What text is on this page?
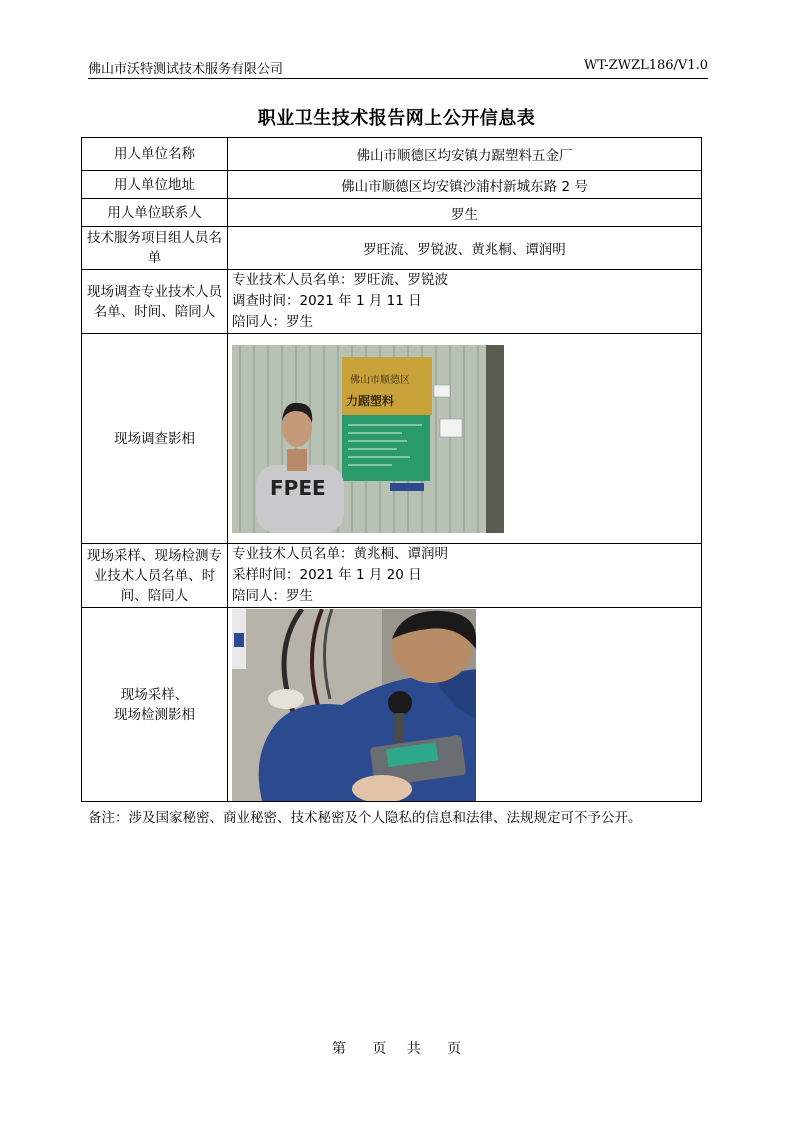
佛山市沃特测试技术服务有限公司	WT-ZWZL186/V1.0
职业卫生技术报告网上公开信息表
用人单位名称	佛山市顺德区均安镇力踞塑料五金厂
用人单位地址	佛山市顺德区均安镇沙浦村新城东路 2 号
用人单位联系人	罗生
技术服务项目组人员名单	罗旺流、罗锐波、黄兆桐、谭润明
现场调查专业技术人员名单、时间、陪同人	专业技术人员名单：罗旺流、罗锐波
调查时间：2021 年 1 月 11 日
陪同人：罗生

现场调查影相	佛山市顺德区
力踞塑料
FPEE

现场采样、现场检测专业技术人员名单、时间、陪同人	专业技术人员名单：黄兆桐、谭润明
采样时间：2021 年 1 月 20 日
陪同人：罗生

现场采样、
现场检测影相

备注：涉及国家秘密、商业秘密、技术秘密及个人隐私的信息和法律、法规规定可不予公开。
第 页 共 页
